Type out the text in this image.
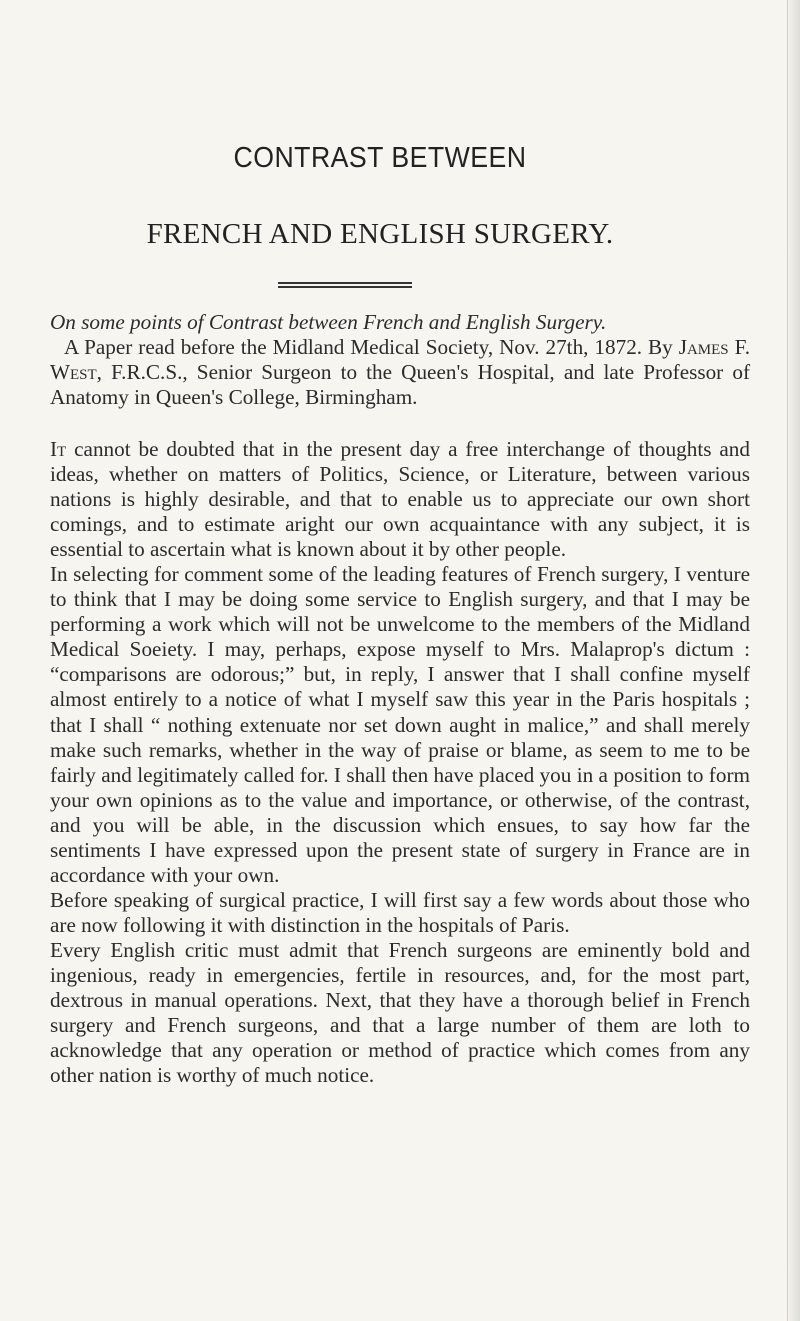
CONTRAST BETWEEN
FRENCH AND ENGLISH SURGERY.

On some points of Contrast between French and English Surgery.

A Paper read before the Midland Medical Society, Nov. 27th, 1872. By James F. West, F.R.C.S., Senior Surgeon to the Queen's Hospital, and late Professor of Anatomy in Queen's College, Birmingham.

It cannot be doubted that in the present day a free interchange of thoughts and ideas, whether on matters of Politics, Science, or Literature, between various nations is highly desirable, and that to enable us to appreciate our own short comings, and to estimate aright our own acquaintance with any subject, it is essential to ascertain what is known about it by other people.

In selecting for comment some of the leading features of French surgery, I venture to think that I may be doing some service to English surgery, and that I may be performing a work which will not be unwelcome to the members of the Midland Medical Soeiety. I may, perhaps, expose myself to Mrs. Malaprop's dictum : “comparisons are odorous;” but, in reply, I answer that I shall confine myself almost entirely to a notice of what I myself saw this year in the Paris hospitals ; that I shall “ nothing extenuate nor set down aught in malice,” and shall merely make such remarks, whether in the way of praise or blame, as seem to me to be fairly and legitimately called for. I shall then have placed you in a position to form your own opinions as to the value and importance, or otherwise, of the contrast, and you will be able, in the discussion which ensues, to say how far the sentiments I have expressed upon the present state of surgery in France are in accordance with your own.

Before speaking of surgical practice, I will first say a few words about those who are now following it with distinction in the hospitals of Paris.

Every English critic must admit that French surgeons are eminently bold and ingenious, ready in emergencies, fertile in resources, and, for the most part, dextrous in manual operations. Next, that they have a thorough belief in French surgery and French surgeons, and that a large number of them are loth to acknowledge that any operation or method of practice which comes from any other nation is worthy of much notice.
